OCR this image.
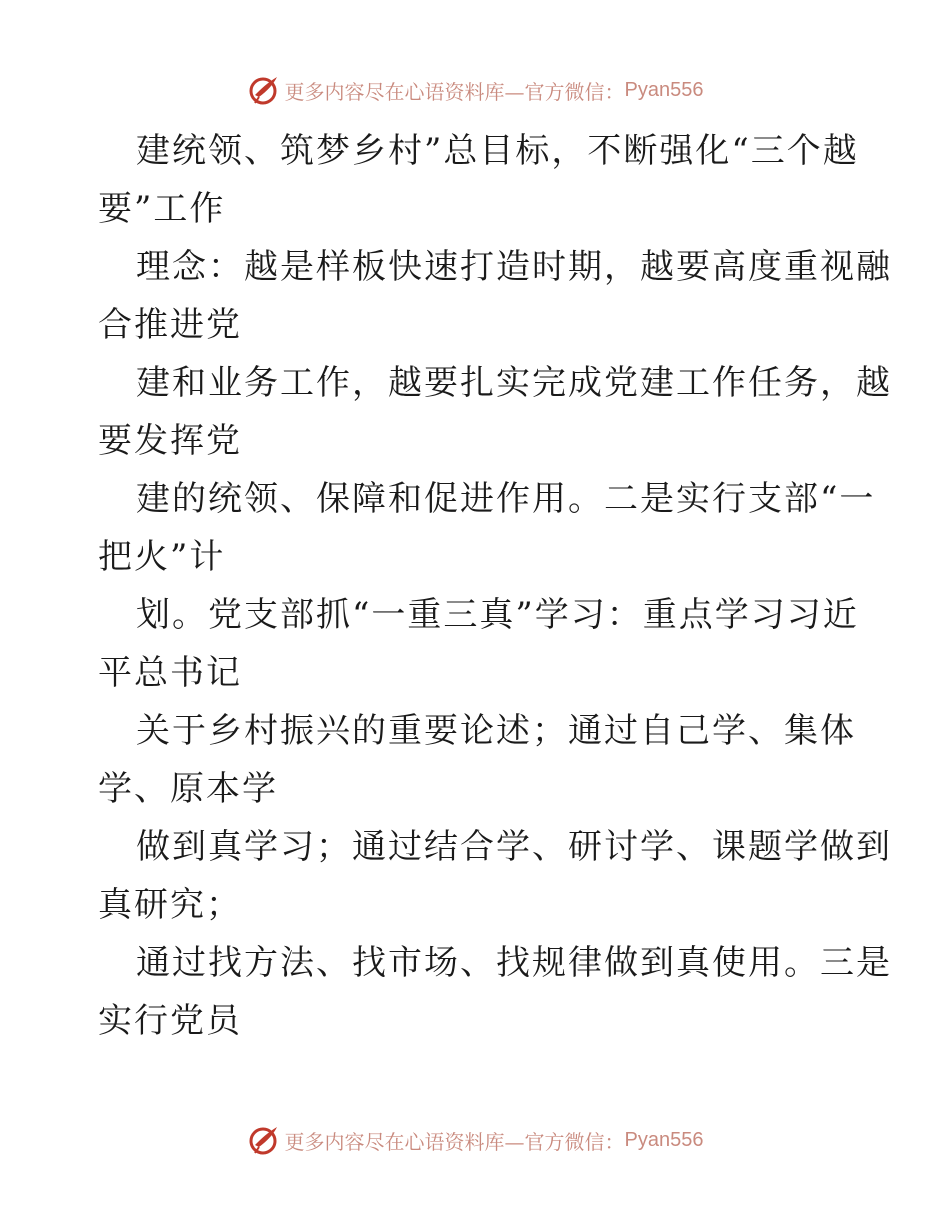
更多内容尽在心语资料库—官方微信： Pyan556
建统领、筑梦乡村”总目标，不断强化“三个越
要”工作
理念：越是样板快速打造时期，越要高度重视融
合推进党
建和业务工作，越要扎实完成党建工作任务，越
要发挥党
建的统领、保障和促进作用。二是实行支部“一
把火”计
划。党支部抓“一重三真”学习：重点学习习近
平总书记
关于乡村振兴的重要论述；通过自己学、集体
学、原本学
做到真学习；通过结合学、研讨学、课题学做到
真研究；
通过找方法、找市场、找规律做到真使用。三是
实行党员
更多内容尽在心语资料库—官方微信： Pyan556
